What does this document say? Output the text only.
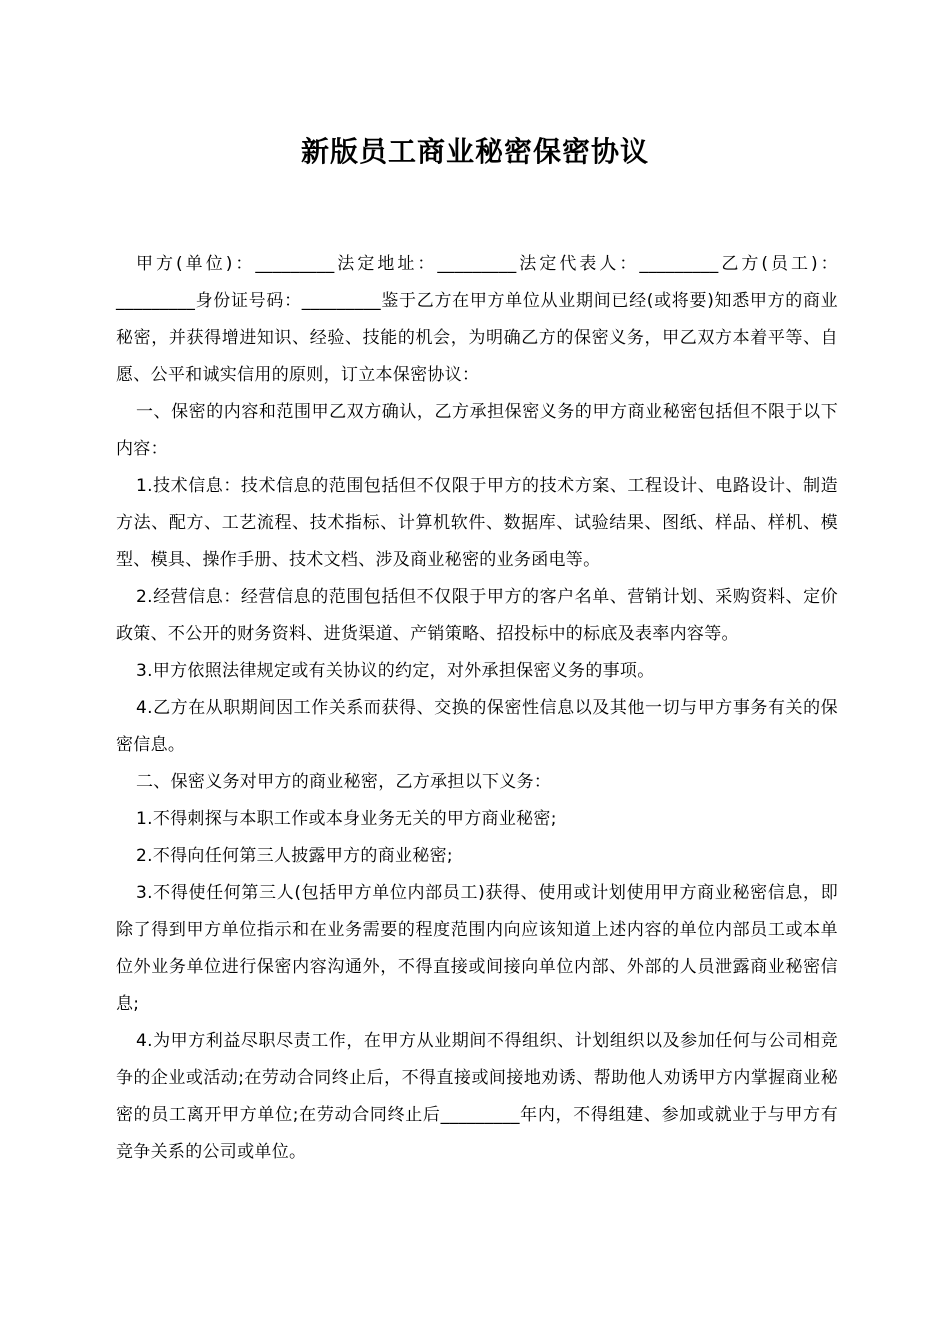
新版员工商业秘密保密协议

甲方(单位)：_________法定地址：_________法定代表人：_________乙方(员工)：_________身份证号码：_________鉴于乙方在甲方单位从业期间已经(或将要)知悉甲方的商业秘密，并获得增进知识、经验、技能的机会，为明确乙方的保密义务，甲乙双方本着平等、自愿、公平和诚实信用的原则，订立本保密协议：

一、保密的内容和范围甲乙双方确认，乙方承担保密义务的甲方商业秘密包括但不限于以下内容：

1.技术信息：技术信息的范围包括但不仅限于甲方的技术方案、工程设计、电路设计、制造方法、配方、工艺流程、技术指标、计算机软件、数据库、试验结果、图纸、样品、样机、模型、模具、操作手册、技术文档、涉及商业秘密的业务函电等。

2.经营信息：经营信息的范围包括但不仅限于甲方的客户名单、营销计划、采购资料、定价政策、不公开的财务资料、进货渠道、产销策略、招投标中的标底及表率内容等。

3.甲方依照法律规定或有关协议的约定，对外承担保密义务的事项。

4.乙方在从职期间因工作关系而获得、交换的保密性信息以及其他一切与甲方事务有关的保密信息。

二、保密义务对甲方的商业秘密，乙方承担以下义务：

1.不得刺探与本职工作或本身业务无关的甲方商业秘密;

2.不得向任何第三人披露甲方的商业秘密;

3.不得使任何第三人(包括甲方单位内部员工)获得、使用或计划使用甲方商业秘密信息，即除了得到甲方单位指示和在业务需要的程度范围内向应该知道上述内容的单位内部员工或本单位外业务单位进行保密内容沟通外，不得直接或间接向单位内部、外部的人员泄露商业秘密信息;

4.为甲方利益尽职尽责工作，在甲方从业期间不得组织、计划组织以及参加任何与公司相竞争的企业或活动;在劳动合同终止后，不得直接或间接地劝诱、帮助他人劝诱甲方内掌握商业秘密的员工离开甲方单位;在劳动合同终止后_________年内，不得组建、参加或就业于与甲方有竞争关系的公司或单位。
